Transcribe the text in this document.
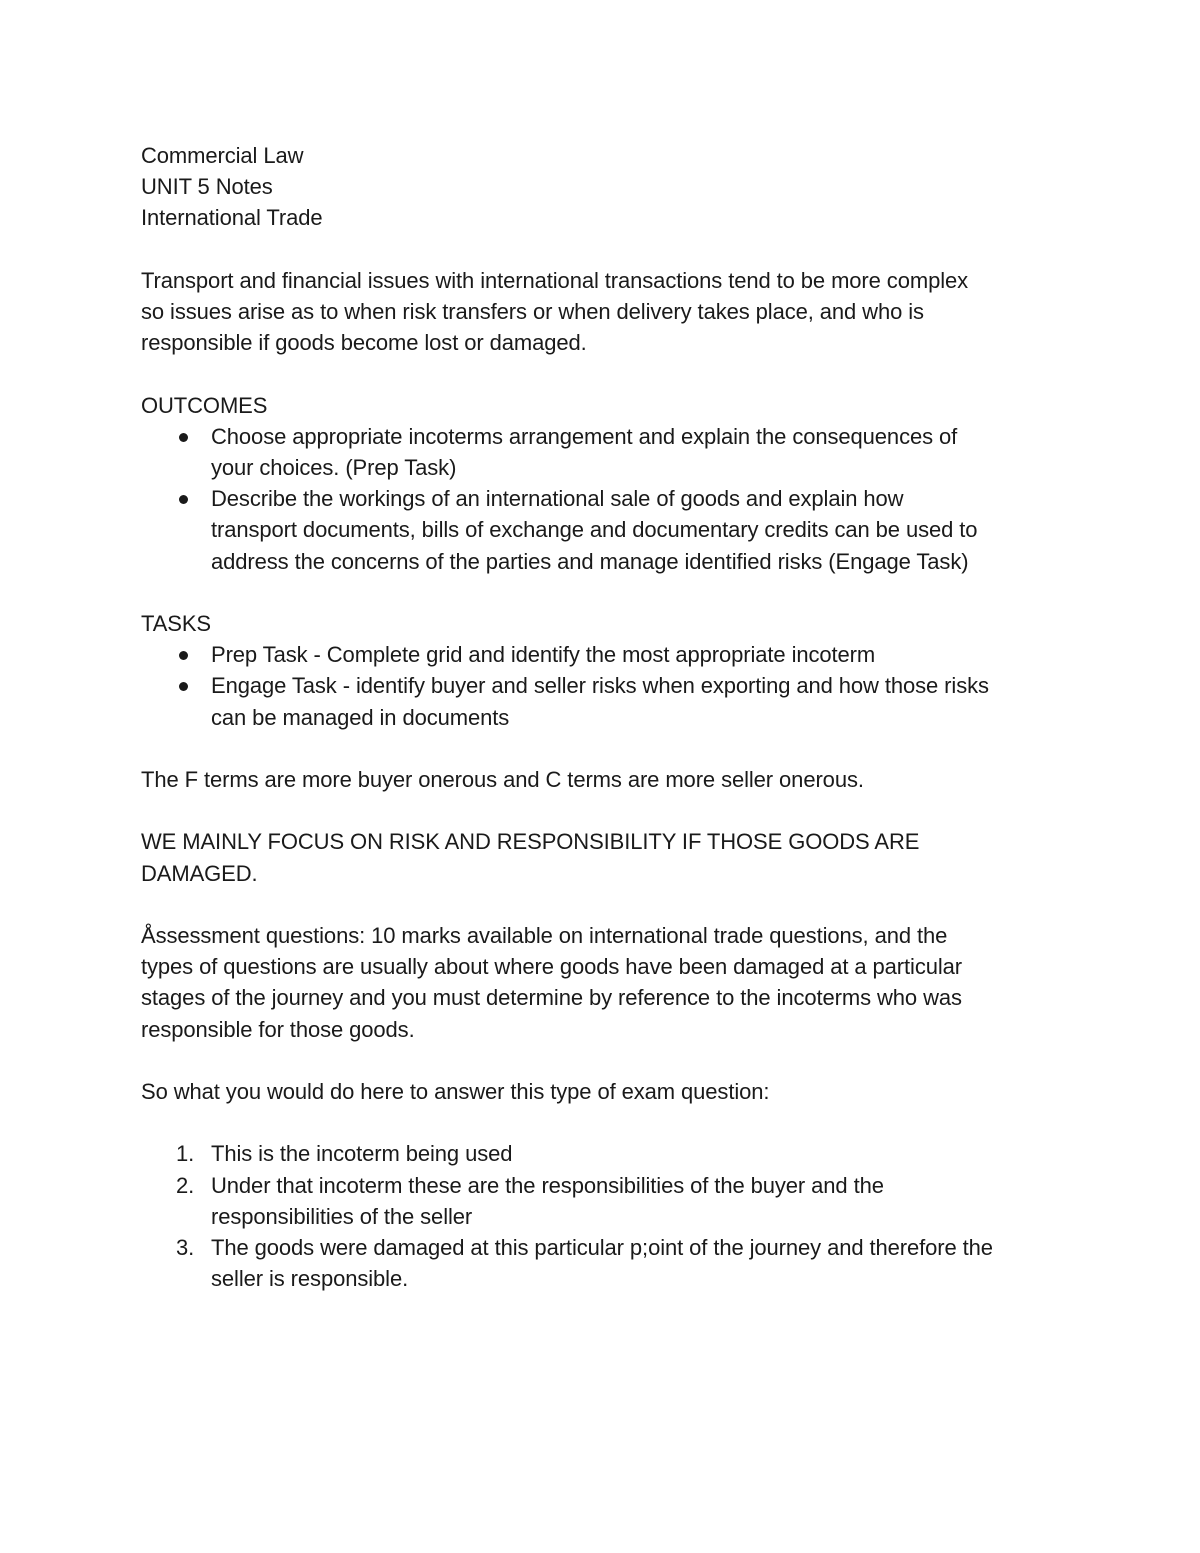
Commercial Law
UNIT 5 Notes
International Trade
Transport and financial issues with international transactions tend to be more complex
so issues arise as to when risk transfers or when delivery takes place, and who is
responsible if goods become lost or damaged.
OUTCOMES
Choose appropriate incoterms arrangement and explain the consequences of
your choices. (Prep Task)
Describe the workings of an international sale of goods and explain how
transport documents, bills of exchange and documentary credits can be used to
address the concerns of the parties and manage identified risks (Engage Task)
TASKS
Prep Task - Complete grid and identify the most appropriate incoterm
Engage Task - identify buyer and seller risks when exporting and how those risks
can be managed in documents
The F terms are more buyer onerous and C terms are more seller onerous.
WE MAINLY FOCUS ON RISK AND RESPONSIBILITY IF THOSE GOODS ARE
DAMAGED.
Åssessment questions: 10 marks available on international trade questions, and the
types of questions are usually about where goods have been damaged at a particular
stages of the journey and you must determine by reference to the incoterms who was
responsible for those goods.
So what you would do here to answer this type of exam question:
1. This is the incoterm being used
2. Under that incoterm these are the responsibilities of the buyer and the
responsibilities of the seller
3. The goods were damaged at this particular p;oint of the journey and therefore the
seller is responsible.
